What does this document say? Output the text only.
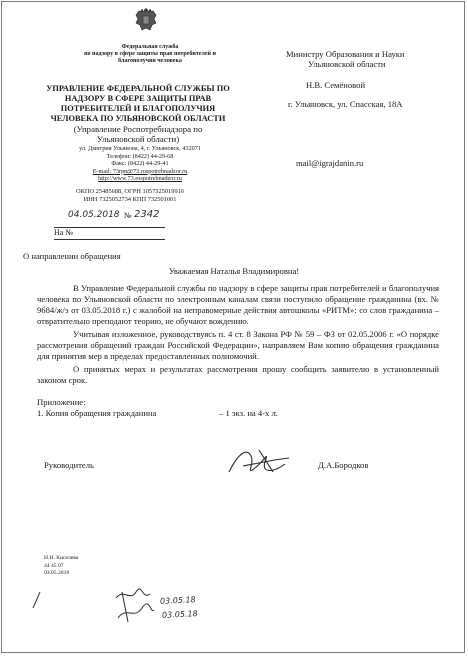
Федеральная служба
по надзору в сфере защиты прав потребителей и
благополучия человека
УПРАВЛЕНИЕ ФЕДЕРАЛЬНОЙ СЛУЖБЫ ПО
НАДЗОРУ В СФЕРЕ ЗАЩИТЫ ПРАВ
ПОТРЕБИТЕЛЕЙ И БЛАГОПОЛУЧИЯ
ЧЕЛОВЕКА ПО УЛЬЯНОВСКОЙ ОБЛАСТИ
(Управление Роспотребнадзора по
Ульяновской области)
ул. Дмитрия Ульянова, 4, г. Ульяновск, 432071
Телефон: (8422) 44-29-68
Факс: (8422) 44-29-41
E-mail: 73rpn@73.rospotrebnadzor.ru
http://www.73.rospotrebnadzor.ru
ОКПО 25485688, ОГРН 1057325019916
ИНН 7325052734 КПП 732501001
04.05.2018 № 2342
На №
Министру Образования и Науки
Ульяновской области
Н.В. Семёновой
г. Ульяновск, ул. Спасская, 18А
mail@igrajdanin.ru
О направлении обращения
Уважаемая Наталья Владимировна!
В Управление Федеральной службы по надзору в сфере защиты прав потребителей и благополучия человека по Ульяновской области по электронным каналам связи поступило обращение гражданина (вх. № 9684/ж/э от 03.05.2018 г.) с жалобой на неправомерные действия автошколы «РИТМ»: со слов гражданина – отвратительно преподают теорию, не обучают вождению.
Учитывая изложенное, руководствуясь п. 4 ст. 8 Закона РФ № 59 – ФЗ от 02.05.2006 г. «О порядке рассмотрения обращений граждан Российской Федерации», направляем Вам копию обращения гражданина для принятия мер в пределах предоставленных полномочий.
О принятых мерах и результатах рассмотрения прошу сообщить заявителю в установленный законом срок.
Приложение:
1. Копия обращения гражданина	– 1 экз. на 4-х л.
Руководитель	Д.А.Бородков
Н.Н. Киселева
44 45 07
03.05.2018
03.05.18
03.05.18
